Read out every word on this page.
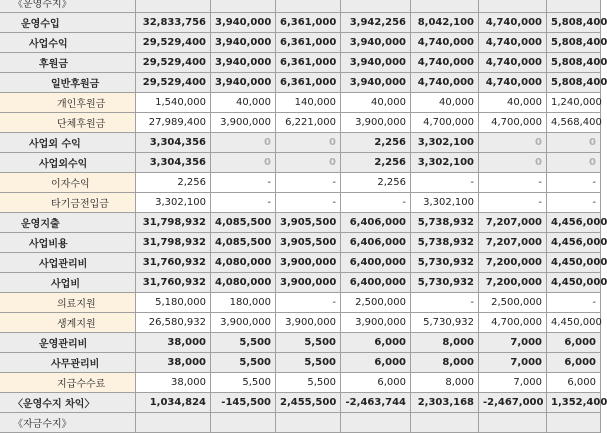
《운영수지》							
운영수입	32,833,756	3,940,000	6,361,000	3,942,256	8,042,100	4,740,000	5,808,400
사업수익	29,529,400	3,940,000	6,361,000	3,940,000	4,740,000	4,740,000	5,808,400
후원금	29,529,400	3,940,000	6,361,000	3,940,000	4,740,000	4,740,000	5,808,400
일반후원금	29,529,400	3,940,000	6,361,000	3,940,000	4,740,000	4,740,000	5,808,400
개인후원금	1,540,000	40,000	140,000	40,000	40,000	40,000	1,240,000
단체후원금	27,989,400	3,900,000	6,221,000	3,900,000	4,700,000	4,700,000	4,568,400
사업외 수익	3,304,356	0	0	2,256	3,302,100	0	0
사업외수익	3,304,356	0	0	2,256	3,302,100	0	0
이자수익	2,256	-	-	2,256	-	-	-
타기금전입금	3,302,100	-	-	-	3,302,100	-	-
운영지출	31,798,932	4,085,500	3,905,500	6,406,000	5,738,932	7,207,000	4,456,000
사업비용	31,798,932	4,085,500	3,905,500	6,406,000	5,738,932	7,207,000	4,456,000
사업관리비	31,760,932	4,080,000	3,900,000	6,400,000	5,730,932	7,200,000	4,450,000
사업비	31,760,932	4,080,000	3,900,000	6,400,000	5,730,932	7,200,000	4,450,000
의료지원	5,180,000	180,000	-	2,500,000	-	2,500,000	-
생계지원	26,580,932	3,900,000	3,900,000	3,900,000	5,730,932	4,700,000	4,450,000
운영관리비	38,000	5,500	5,500	6,000	8,000	7,000	6,000
사무관리비	38,000	5,500	5,500	6,000	8,000	7,000	6,000
지급수수료	38,000	5,500	5,500	6,000	8,000	7,000	6,000
〈운영수지 차익〉	1,034,824	-145,500	2,455,500	-2,463,744	2,303,168	-2,467,000	1,352,400
《자금수지》							
